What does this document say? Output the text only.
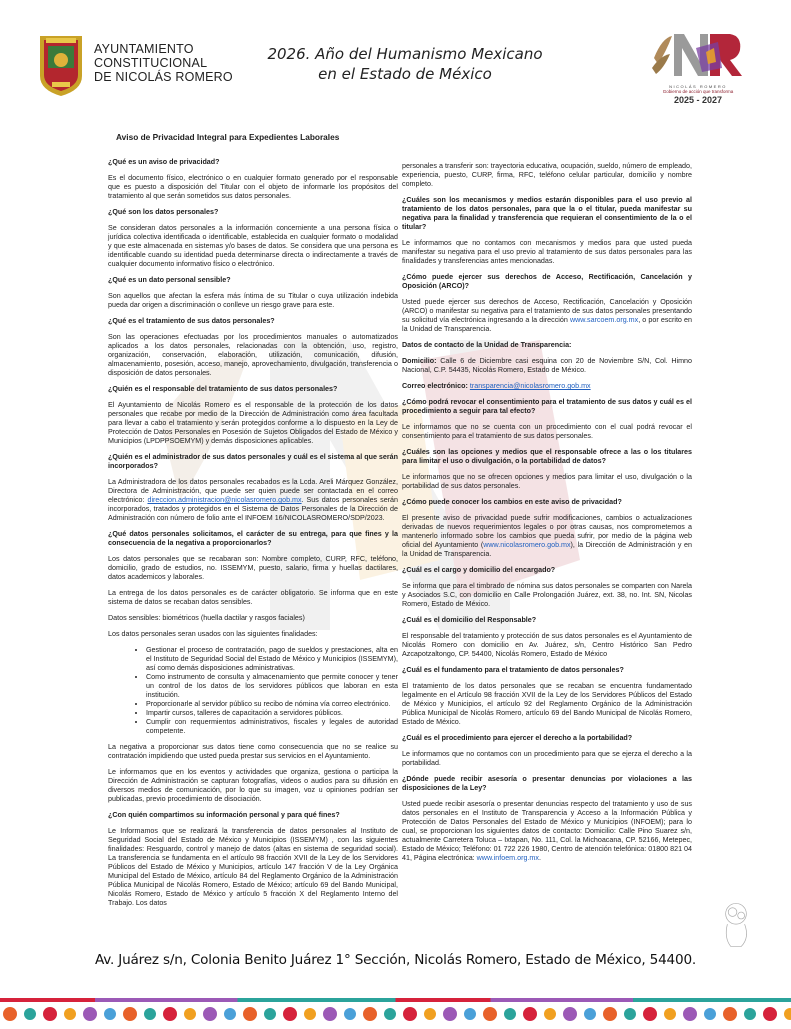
AYUNTAMIENTO
CONSTITUCIONAL
DE NICOLÁS ROMERO
2026. Año del Humanismo Mexicano
en el Estado de México
NICOLÁS ROMERO
Gobierno de acción que transforma
2025 - 2027
Aviso de Privacidad Integral para Expedientes Laborales
¿Qué es un aviso de privacidad?
Es el documento físico, electrónico o en cualquier formato generado por el responsable que es puesto a disposición del Titular con el objeto de informarle los propósitos del tratamiento al que serán sometidos sus datos personales.
¿Qué son los datos personales?
Se consideran datos personales a la información concerniente a una persona física o jurídica colectiva identificada o identificable, establecida en cualquier formato o modalidad y que este almacenada en sistemas y/o bases de datos. Se considera que una persona es identificable cuando su identidad pueda determinarse directa o indirectamente a través de cualquier documento informativo físico o electrónico.
¿Qué es un dato personal sensible?
Son aquellos que afectan la esfera más íntima de su Titular o cuya utilización indebida pueda dar origen a discriminación o conlleve un riesgo grave para este.
¿Qué es el tratamiento de sus datos personales?
Son las operaciones efectuadas por los procedimientos manuales o automatizados aplicados a los datos personales, relacionadas con la obtención, uso, registro, organización, conservación, elaboración, utilización, comunicación, difusión, almacenamiento, posesión, acceso, manejo, aprovechamiento, divulgación, transferencia o disposición de datos personales.
¿Quién es el responsable del tratamiento de sus datos personales?
El Ayuntamiento de Nicolás Romero es el responsable de la protección de los datos personales que recabe por medio de la Dirección de Administración como área facultada para llevar a cabo el tratamiento y serán protegidos conforme a lo dispuesto en la Ley de Protección de Datos Personales en Posesión de Sujetos Obligados del Estado de México y Municipios (LPDPPSOEMYM) y demás disposiciones aplicables.
¿Quién es el administrador de sus datos personales y cuál es el sistema al que serán incorporados?
La Administradora de los datos personales recabados es la Lcda. Areli Márquez González, Directora de Administración, que puede ser quien puede ser contactada en el correo electrónico: direccion.administracion@nicolasromero.gob.mx. Sus datos personales serán incorporados, tratados y protegidos en el Sistema de Datos Personales de la Dirección de Administración con número de folio ante el INFOEM 16/NICOLASROMERO/SDP/2023.
¿Qué datos personales solicitamos, el carácter de su entrega, para que fines y la consecuencia de la negativa a proporcionarlos?
Los datos personales que se recabaran son: Nombre completo, CURP, RFC, teléfono, domicilio, grado de estudios, no. ISSEMYM, puesto, salario, firma y huellas dactilares, datos academicos y laborales.
La entrega de los datos personales es de carácter obligatorio. Se informa que en este sistema de datos se recaban datos sensibles.
Datos sensibles: biométricos (huella dactilar y rasgos faciales)
Los datos personales seran usados con las siguientes finalidades:
• Gestionar el proceso de contratación, pago de sueldos y prestaciones, alta en el Instituto de Seguridad Social del Estado de México y Municipios (ISSEMYM), así como demás disposiciones administrativas.
• Como instrumento de consulta y almacenamiento que permite conocer y tener un control de los datos de los servidores públicos que laboran en esta institución.
• Proporcionarle al servidor público su recibo de nómina vía correo electrónico.
• Impartir cursos, talleres de capacitación a servidores públicos.
• Cumplir con requermientos administrativos, fiscales y legales de autoridad competente.
La negativa a proporcionar sus datos tiene como consecuencia que no se realice su contratación impidiendo que usted pueda prestar sus servicios en el Ayuntamiento.
Le informamos que en los eventos y actividades que organiza, gestiona o participa la Dirección de Administración se capturan fotografías, videos o audios para su difusión en diversos medios de comunicación, por lo que su imagen, voz u opiniones podrían ser publicadas, previo procedimiento de disociación.
¿Con quién compartimos su información personal y para qué fines?
Le Informamos que se realizará la transferencia de datos personales al Instituto de Seguridad Social del Estado de México y Municipios (ISSEMYM) , con las siguientes finalidades: Resguardo, control y manejo de datos (altas en sistema de seguridad social). La transferencia se fundamenta en el artículo 98 fracción XVII de la Ley de los Servidores Públicos del Estado de México y Municipios, artículo 147 fracción V de la Ley Orgánica Municipal del Estado de México, artículo 84 del Reglamento Orgánico de la Administración Pública Municipal de Nicolás Romero, Estado de México; artículo 69 del Bando Municipal, Nicolás Romero, Estado de México y artículo 5 fracción X del Reglamento Interno del Trabajo. Los datos
personales a transferir son: trayectoria educativa, ocupación, sueldo, número de empleado, experiencia, puesto, CURP, firma, RFC, teléfono celular particular, domicilio y nombre completo.
¿Cuáles son los mecanismos y medios estarán disponibles para el uso previo al tratamiento de los datos personales, para que la o el titular, pueda manifestar su negativa para la finalidad y transferencia que requieran el consentimiento de la o el titular?
Le informamos que no contamos con mecanismos y medios para que usted pueda manifestar su negativa para el uso previo al tratamiento de sus datos personales para las finalidades y transferencias antes mencionadas.
¿Cómo puede ejercer sus derechos de Acceso, Rectificación, Cancelación y Oposición (ARCO)?
Usted puede ejercer sus derechos de Acceso, Rectificación, Cancelación y Oposición (ARCO) o manifestar su negativa para el tratamiento de sus datos personales presentando su solicitud vía electrónica ingresando a la dirección www.sarcoem.org.mx, o por escrito en la Unidad de Transparencia.
Datos de contacto de la Unidad de Transparencia:
Domicilio: Calle 6 de Diciembre casi esquina con 20 de Noviembre S/N, Col. Himno Nacional, C.P. 54435, Nicolás Romero, Estado de México.
Correo electrónico: transparencia@nicolasromero.gob.mx
¿Cómo podrá revocar el consentimiento para el tratamiento de sus datos y cuál es el procedimiento a seguir para tal efecto?
Le informamos que no se cuenta con un procedimiento con el cual podrá revocar el consentimiento para el tratamiento de sus datos personales.
¿Cuáles son las opciones y medios que el responsable ofrece a las o los titulares para limitar el uso o divulgación, o la portabilidad de datos?
Le informamos que no se ofrecen opciones y medios para limitar el uso, divulgación o la portabilidad de sus datos personales.
¿Cómo puede conocer los cambios en este aviso de privacidad?
El presente aviso de privacidad puede sufrir modificaciones, cambios o actualizaciones derivadas de nuevos requerimientos legales o por otras causas, nos comprometemos a mantenerlo informado sobre los cambios que pueda sufrir, por medio de la página web oficial del Ayuntamiento (www.nicolasromero.gob.mx), la Dirección de Administración y en la Unidad de Transparencia.
¿Cuál es el cargo y domicilio del encargado?
Se informa que para el timbrado de nómina sus datos personales se comparten con Narela y Asociados S.C, con domicilio en Calle Prolongación Juárez, ext. 38, no. Int. SN, Nicolas Romero, Estado de México.
¿Cuál es el domicilio del Responsable?
El responsable del tratamiento y protección de sus datos personales es el Ayuntamiento de Nicolás Romero con domicilio en Av. Juárez, s/n, Centro Histórico San Pedro Azcapotzaltongo, CP. 54400, Nicolás Romero, Estado de México
¿Cuál es el fundamento para el tratamiento de datos personales?
El tratamiento de los datos personales que se recaban se encuentra fundamentado legalmente en el Artículo 98 fracción XVII de la Ley de los Servidores Públicos del Estado de México y Municipios, el artículo 92 del Reglamento Orgánico de la Administración Pública Municipal de Nicolás Romero, artículo 69 del Bando Municipal de Nicolás Romero, Estado de México.
¿Cuál es el procedimiento para ejercer el derecho a la portabilidad?
Le informamos que no contamos con un procedimiento para que se ejerza el derecho a la portabilidad.
¿Dónde puede recibir asesoría o presentar denuncias por violaciones a las disposiciones de la Ley?
Usted puede recibir asesoría o presentar denuncias respecto del tratamiento y uso de sus datos personales en el Instituto de Transparencia y Acceso a la Información Pública y Protección de Datos Personales del Estado de México y Municipios (INFOEM); para lo cual, se proporcionan los siguientes datos de contacto: Domicilio: Calle Pino Suarez s/n, actualmente Carretera Toluca – Ixtapan, No. 111, Col. la Michoacana, CP. 52166, Metepec, Estado de México; Teléfono: 01 722 226 1980, Centro de atención telefónica: 01800 821 04 41, Página electrónica: www.infoem.org.mx.
Av. Juárez s/n, Colonia Benito Juárez 1° Sección, Nicolás Romero, Estado de México, 54400.
